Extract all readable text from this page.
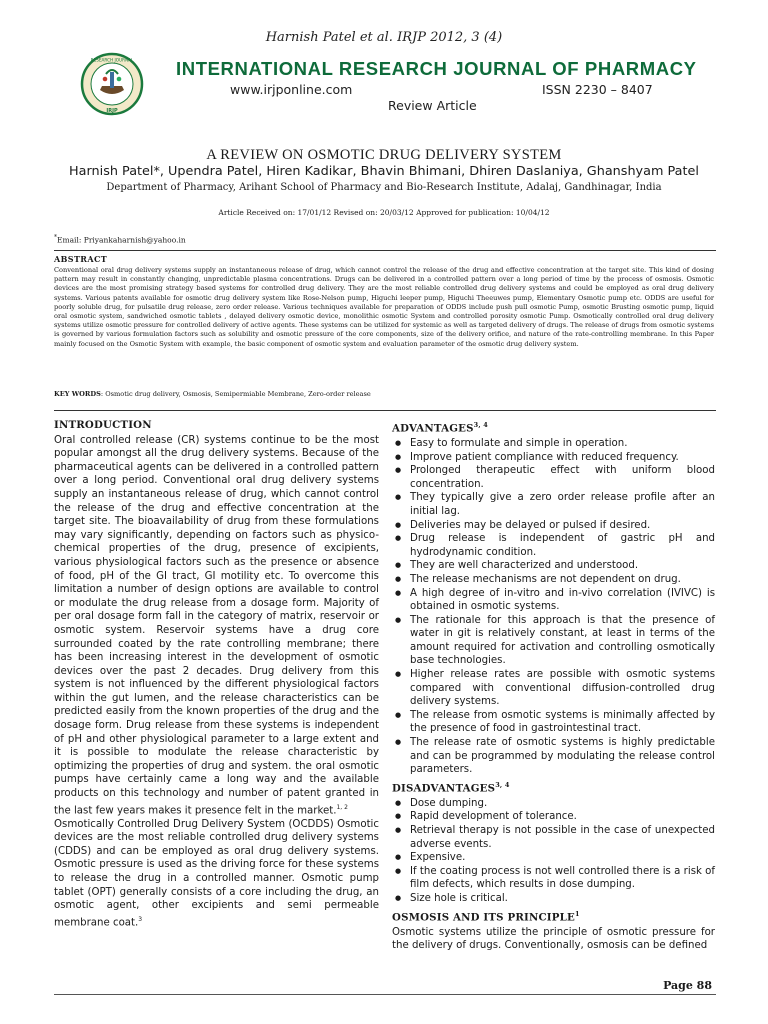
Harnish Patel et al. IRJP 2012, 3 (4)
RESEARCH JOURNAL
IRJP
INTERNATIONAL RESEARCH JOURNAL OF PHARMACY
www.irjponline.com	ISSN 2230 – 8407
Review Article
A REVIEW ON OSMOTIC DRUG DELIVERY SYSTEM
Harnish Patel*, Upendra Patel, Hiren Kadikar, Bhavin Bhimani, Dhiren Daslaniya, Ghanshyam Patel
Department of Pharmacy, Arihant School of Pharmacy and Bio-Research Institute, Adalaj, Gandhinagar, India
Article Received on: 17/01/12 Revised on: 20/03/12 Approved for publication: 10/04/12
*Email: Priyankaharnish@yahoo.in
ABSTRACT
Conventional oral drug delivery systems supply an instantaneous release of drug, which cannot control the release of the drug and effective concentration at the target site. This kind of dosing pattern may result in constantly changing, unpredictable plasma concentrations. Drugs can be delivered in a controlled pattern over a long period of time by the process of osmosis. Osmotic devices are the most promising strategy based systems for controlled drug delivery. They are the most reliable controlled drug delivery systems and could be employed as oral drug delivery systems. Various patents available for osmotic drug delivery system like Rose-Nelson pump, Higuchi leeper pump, Higuchi Theeuwes pump, Elementary Osmotic pump etc. ODDS are useful for poorly soluble drug, for pulsatile drug release, zero order release. Various techniques available for preparation of ODDS include push pull osmotic Pump, osmotic Brusting osmotic pump, liquid oral osmotic system, sandwiched osmotic tablets , delayed delivery osmotic device, monolithic osmotic System and controlled porosity osmotic Pump. Osmotically controlled oral drug delivery systems utilize osmotic pressure for controlled delivery of active agents. These systems can be utilized for systemic as well as targeted delivery of drugs. The release of drugs from osmotic systems is governed by various formulation factors such as solubility and osmotic pressure of the core components, size of the delivery orifice, and nature of the rate-controlling membrane. In this Paper mainly focused on the Osmotic System with example, the basic component of osmotic system and evaluation parameter of the osmotic drug delivery system.
KEY WORDS: Osmotic drug delivery, Osmosis, Semipermiable Membrane, Zero-order release
INTRODUCTION

Oral controlled release (CR) systems continue to be the most popular amongst all the drug delivery systems. Because of the pharmaceutical agents can be delivered in a controlled pattern over a long period. Conventional oral drug delivery systems supply an instantaneous release of drug, which cannot control the release of the drug and effective concentration at the target site. The bioavailability of drug from these formulations may vary significantly, depending on factors such as physico-chemical properties of the drug, presence of excipients, various physiological factors such as the presence or absence of food, pH of the GI tract, GI motility etc. To overcome this limitation a number of design options are available to control or modulate the drug release from a dosage form. Majority of per oral dosage form fall in the category of matrix, reservoir or osmotic system. Reservoir systems have a drug core surrounded coated by the rate controlling membrane; there has been increasing interest in the development of osmotic devices over the past 2 decades. Drug delivery from this system is not influenced by the different physiological factors within the gut lumen, and the release characteristics can be predicted easily from the known properties of the drug and the dosage form. Drug release from these systems is independent of pH and other physiological parameter to a large extent and it is possible to modulate the release characteristic by optimizing the properties of drug and system. the oral osmotic pumps have certainly came a long way and the available products on this technology and number of patent granted in the last few years makes it presence felt in the market.$^{1, 2}$

Osmotically Controlled Drug Delivery System (OCDDS) Osmotic devices are the most reliable controlled drug delivery systems (CDDS) and can be employed as oral drug delivery systems. Osmotic pressure is used as the driving force for these systems to release the drug in a controlled manner. Osmotic pump tablet (OPT) generally consists of a core including the drug, an osmotic agent, other excipients and semi permeable membrane coat.$^3$

ADVANTAGES$^{3, 4}$
● Easy to formulate and simple in operation.
● Improve patient compliance with reduced frequency.
● Prolonged therapeutic effect with uniform blood concentration.
● They typically give a zero order release profile after an initial lag.
● Deliveries may be delayed or pulsed if desired.
● Drug release is independent of gastric pH and hydrodynamic condition.
● They are well characterized and understood.
● The release mechanisms are not dependent on drug.
● A high degree of in-vitro and in-vivo correlation (IVIVC) is obtained in osmotic systems.
● The rationale for this approach is that the presence of water in git is relatively constant, at least in terms of the amount required for activation and controlling osmotically base technologies.
● Higher release rates are possible with osmotic systems compared with conventional diffusion-controlled drug delivery systems.
● The release from osmotic systems is minimally affected by the presence of food in gastrointestinal tract.
● The release rate of osmotic systems is highly predictable and can be programmed by modulating the release control parameters.
DISADVANTAGES$^{3, 4}$
● Dose dumping.
● Rapid development of tolerance.
● Retrieval therapy is not possible in the case of unexpected adverse events.
● Expensive.
● If the coating process is not well controlled there is a risk of film defects, which results in dose dumping.
● Size hole is critical.
OSMOSIS AND ITS PRINCIPLE$^1$

Osmotic systems utilize the principle of osmotic pressure for the delivery of drugs. Conventionally, osmosis can be defined

Page 88
